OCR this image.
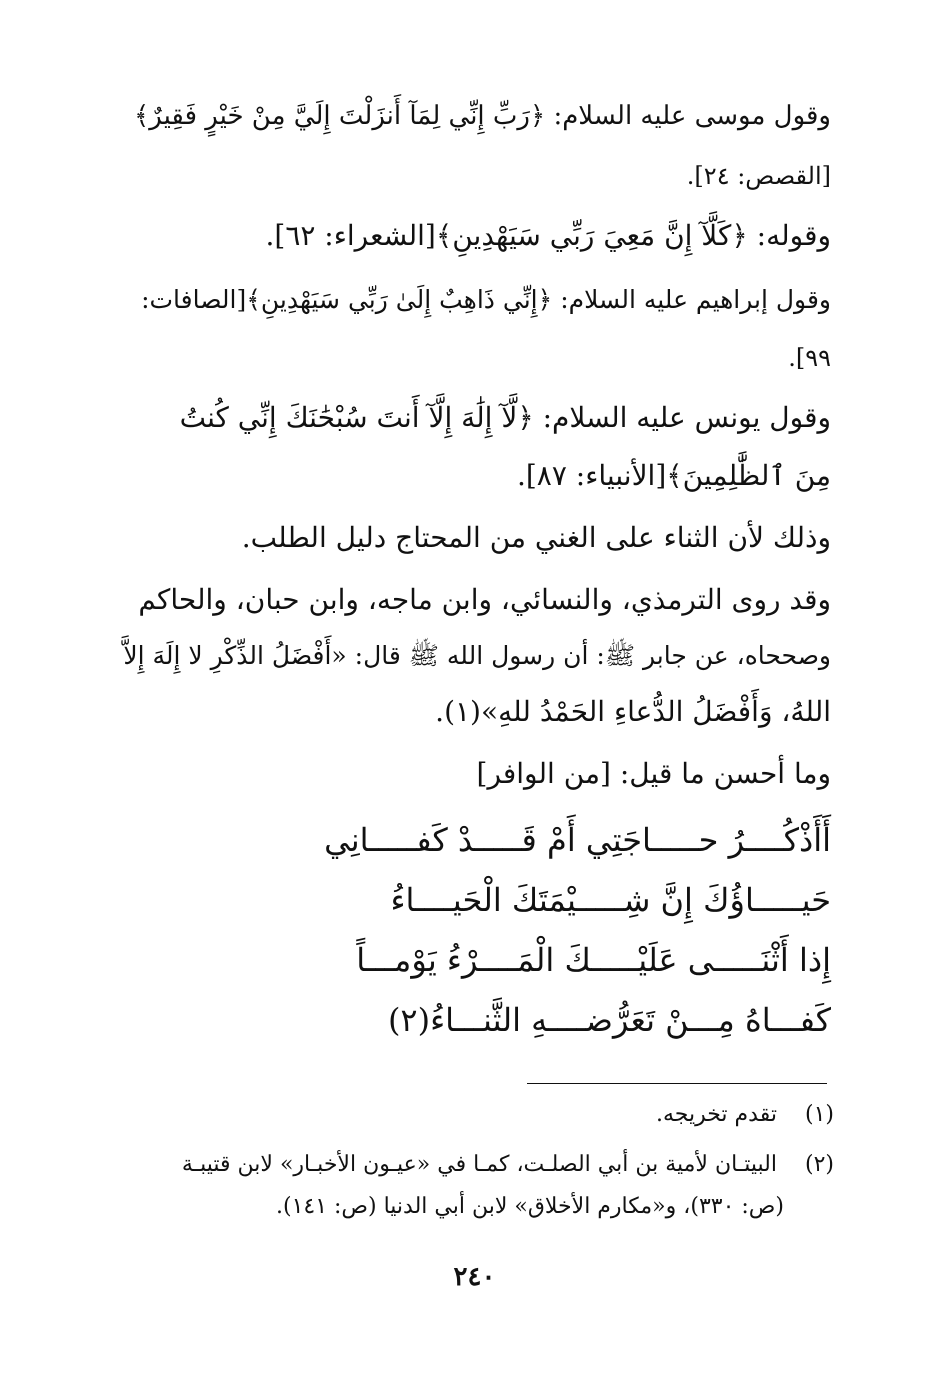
وقول موسى عليه السلام: ﴿رَبِّ إِنِّي لِمَآ أَنزَلْتَ إِلَيَّ مِنْ خَيْرٍ فَقِيرٌ﴾
[القصص: ٢٤].
وقوله: ﴿كَلَّآ إِنَّ مَعِيَ رَبِّي سَيَهْدِينِ﴾[الشعراء: ٦٢].
وقول إبراهيم عليه السلام: ﴿إِنِّي ذَاهِبٌ إِلَىٰ رَبِّي سَيَهْدِينِ﴾[الصافات:
٩٩].
وقول يونس عليه السلام: ﴿لَّآ إِلَٰهَ إِلَّآ أَنتَ سُبْحَٰنَكَ إِنِّي كُنتُ
مِنَ ٱلظَّٰلِمِينَ﴾[الأنبياء: ٨٧].
وذلك لأن الثناء على الغني من المحتاج دليل الطلب.
وقد روى الترمذي، والنسائي، وابن ماجه، وابن حبان، والحاكم
وصححاه، عن جابر ﷺ: أن رسول الله ﷺ قال: «أَفْضَلُ الذِّكْرِ لا إِلَهَ إِلاَّ
اللهُ، وَأَفْضَلُ الدُّعاءِ الحَمْدُ للهِ»(١).
وما أحسن ما قيل: [من الوافر]
أَأَذْكُــــرُ حـــــاجَتِي أَمْ قَـــــدْ كَفـــــانِي
حَيـــــاؤُكَ إِنَّ شِـــــيْمَتَكَ الْحَيــــاءُ
إِذا أَثْنَـــــى عَلَيْـــــكَ الْمَــــرْءُ يَوْمـــاً
كَفـــاهُ مِـــنْ تَعَرُّضــــهِ الثَّنـــاءُ(٢)
(١)  تقدم تخريجه.
(٢)  البيتـان لأمية بن أبي الصلـت، كمـا في «عيـون الأخبـار» لابن قتيبـة
(ص: ٣٣٠)، و«مكارم الأخلاق» لابن أبي الدنيا (ص: ١٤١).
٢٤٠
